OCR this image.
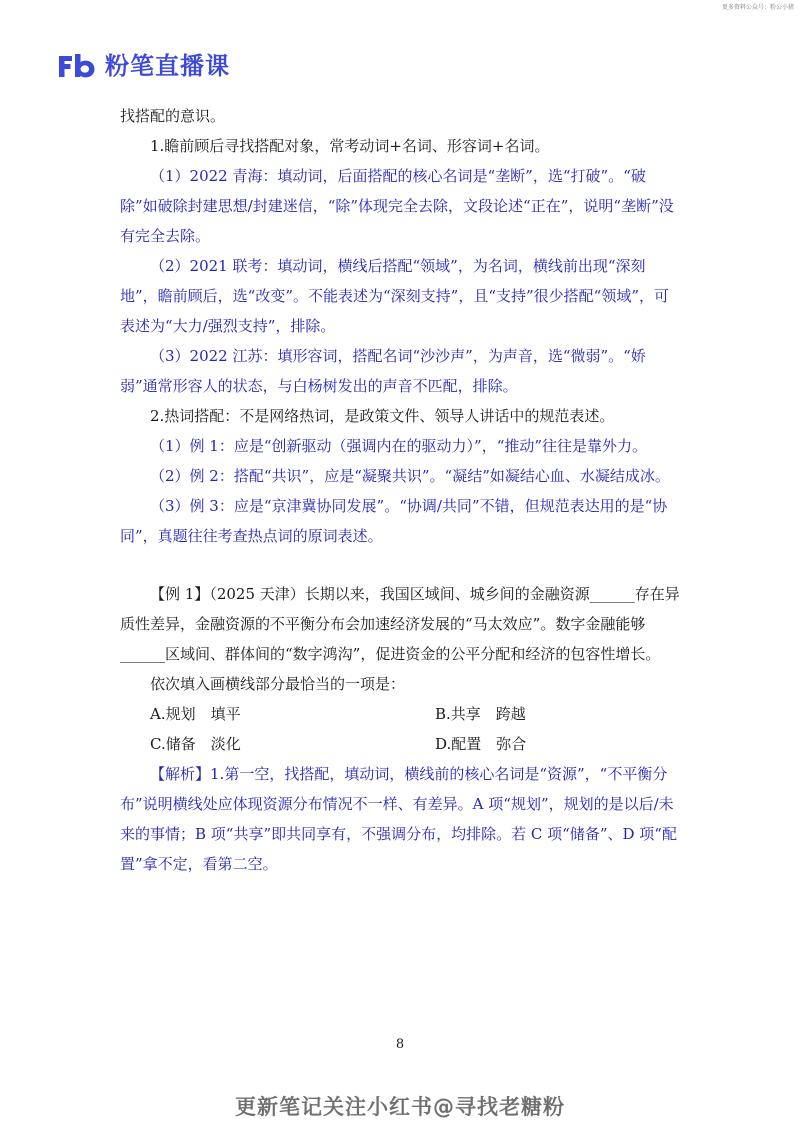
更多资料公众号：粉公小猪
粉笔直播课

找搭配的意识。

1.瞻前顾后寻找搭配对象，常考动词+名词、形容词+名词。

（1）2022 青海：填动词，后面搭配的核心名词是“垄断”，选“打破”。“破除”如破除封建思想/封建迷信，“除”体现完全去除，文段论述“正在”，说明“垄断”没有完全去除。

（2）2021 联考：填动词，横线后搭配“领域”，为名词，横线前出现“深刻地”，瞻前顾后，选“改变”。不能表述为“深刻支持”，且“支持”很少搭配“领域”，可表述为“大力/强烈支持”，排除。

（3）2022 江苏：填形容词，搭配名词“沙沙声”，为声音，选“微弱”。“娇弱”通常形容人的状态，与白杨树发出的声音不匹配，排除。

2.热词搭配：不是网络热词，是政策文件、领导人讲话中的规范表述。

（1）例 1：应是“创新驱动（强调内在的驱动力）”，“推动”往往是靠外力。

（2）例 2：搭配“共识”，应是“凝聚共识”。“凝结”如凝结心血、水凝结成冰。

（3）例 3：应是“京津冀协同发展”。“协调/共同”不错，但规范表达用的是“协同”，真题往往考查热点词的原词表述。

【例 1】（2025 天津）长期以来，我国区域间、城乡间的金融资源______存在异质性差异，金融资源的不平衡分布会加速经济发展的“马太效应”。数字金融能够______区域间、群体间的“数字鸿沟”，促进资金的公平分配和经济的包容性增长。

依次填入画横线部分最恰当的一项是：

A.规划　填平	B.共享　跨越
C.储备　淡化	D.配置　弥合

【解析】1.第一空，找搭配，填动词，横线前的核心名词是“资源”，“不平衡分布”说明横线处应体现资源分布情况不一样、有差异。A 项“规划”，规划的是以后/未来的事情；B 项“共享”即共同享有，不强调分布，均排除。若 C 项“储备”、D 项“配置”拿不定，看第二空。

8
更新笔记关注小红书@寻找老糖粉
